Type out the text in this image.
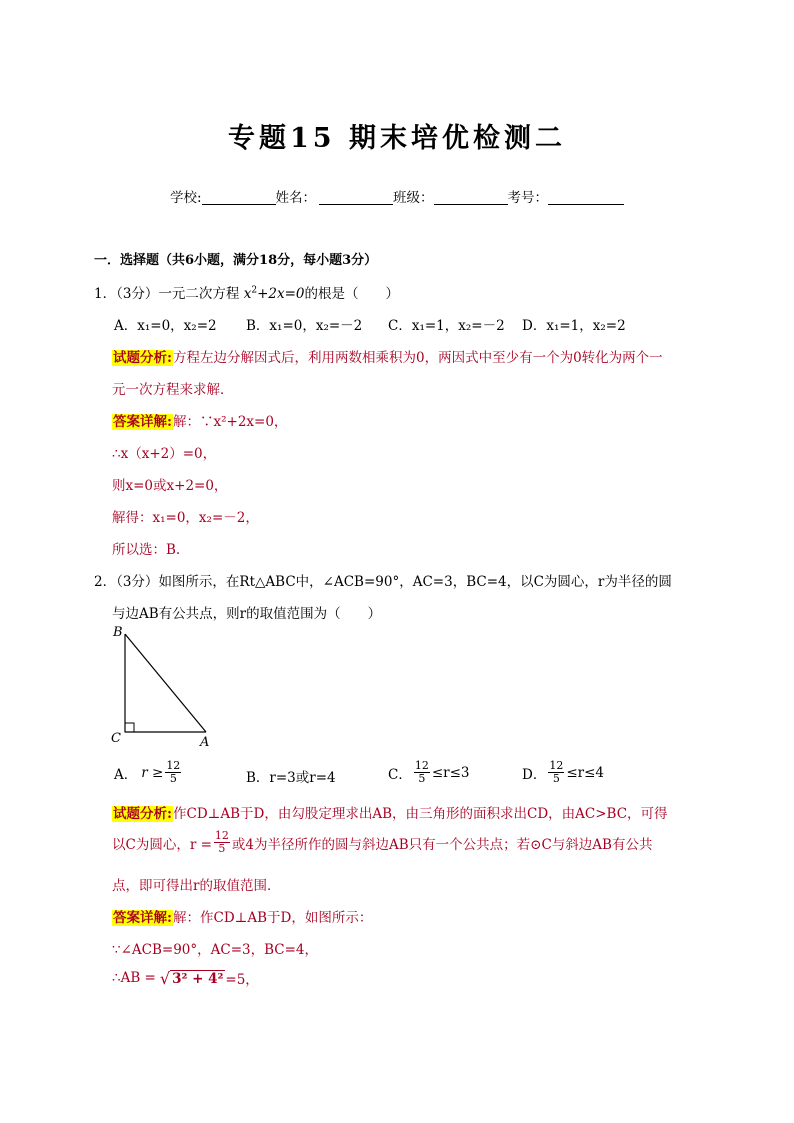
专题15 期末培优检测二
学校:	姓名：	班级：	考号：
一．选择题（共6小题，满分18分，每小题3分）
1．（3分）一元二次方程 $x^2+2x=0$的根是（　　）
A．x₁=0，x₂=2 B．x₁=0，x₂=－2 C．x₁=1，x₂=－2 D．x₁=1，x₂=2
试题分析:方程左边分解因式后，利用两数相乘积为0，两因式中至少有一个为0转化为两个一
元一次方程来求解．
答案详解:解：∵x²+2x=0，
∴x（x+2）=0，
则x=0或x+2=0，
解得：x₁=0，x₂=－2，
所以选：B.
2．（3分）如图所示，在Rt△ABC中，∠ACB=90°，AC=3，BC=4，以C为圆心，r为半径的圆
与边AB有公共点，则r的取值范围为（　　）
B
C	A
A． $r \ge \frac{12}{5}$	B．r=3或r=4	C． $\frac{12}{5} \le r\le 3$	D． $\frac{12}{5} \le r\le 4$
试题分析:作CD⊥AB于D，由勾股定理求出AB，由三角形的面积求出CD，由AC>BC，可得
以C为圆心，$r = \frac{12}{5}$ 或4为半径所作的圆与斜边AB只有一个公共点；若⊙C与斜边AB有公共
点，即可得出r的取值范围．
答案详解:解：作CD⊥AB于D，如图所示：
∵∠ACB=90°，AC=3，BC=4，
∴AB = √ 3² + 4² =5，
